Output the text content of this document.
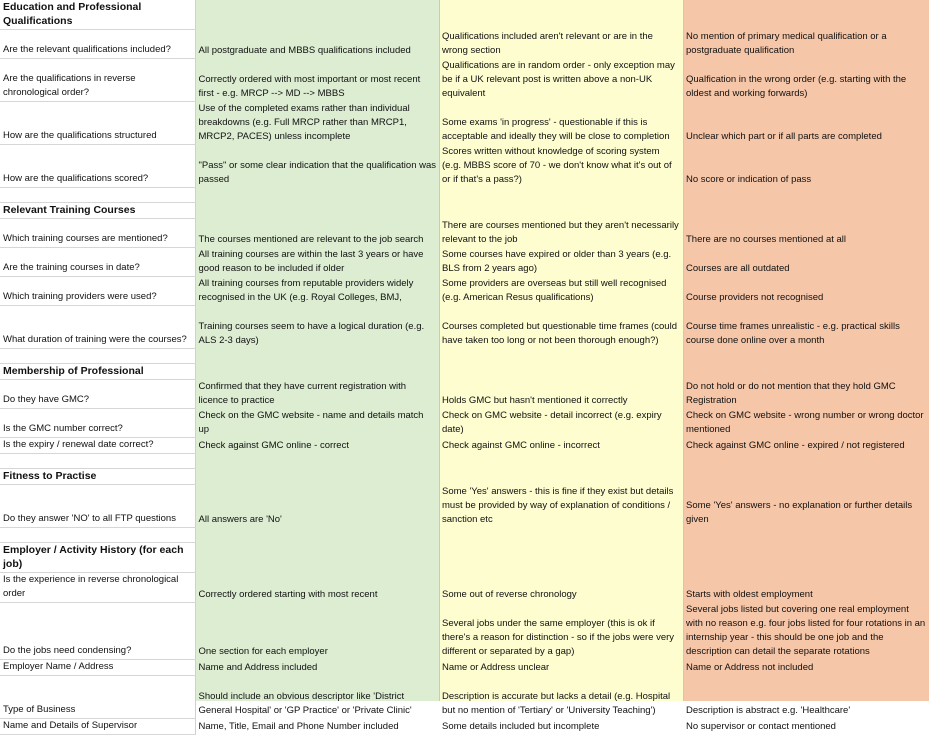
Education and Professional Qualifications			
Are the relevant qualifications included?	All postgraduate and MBBS qualifications included	Qualifications included aren't relevant or are in the wrong section	No mention of primary medical qualification or a postgraduate qualification
Are the qualifications in reverse chronological order?	Correctly ordered with most important or most recent first - e.g. MRCP --> MD --> MBBS	Qualifications are in random order - only exception may be if a UK relevant post is written above a non-UK equivalent	Qualfication in the wrong order (e.g. starting with the oldest and working forwards)
How are the qualifications structured	Use of the completed exams rather than individual breakdowns (e.g. Full MRCP rather than MRCP1, MRCP2, PACES) unless incomplete	Some exams 'in progress' - questionable if this is acceptable and ideally they will be close to completion	Unclear which part or if all parts are completed
How are the qualifications scored?	"Pass" or some clear indication that the qualification was passed	Scores written without knowledge of scoring system (e.g. MBBS score of 70 - we don't know what it's out of or if that's a pass?)	No score or indication of pass

Relevant Training Courses			
Which training courses are mentioned?	The courses mentioned are relevant to the job search	There are courses mentioned but they aren't necessarily relevant to the job	There are no courses mentioned at all
Are the training courses in date?	All training courses are within the last 3 years or have good reason to be included if older	Some courses have expired or older than 3 years (e.g. BLS from 2 years ago)	Courses are all outdated
Which training providers were used?	All training courses from reputable providers widely recognised in the UK (e.g. Royal Colleges, BMJ,	Some providers are overseas but still well recognised (e.g. American Resus qualifications)	Course providers not recognised
What duration of training were the courses?	Training courses seem to have a logical duration (e.g. ALS 2-3 days)	Courses completed but questionable time frames (could have taken too long or not been thorough enough?)	Course time frames unrealistic - e.g. practical skills course done online over a month

Membership of Professional			
Do they have GMC?	Confirmed that they have current registration with licence to practice	Holds GMC but hasn't mentioned it correctly	Do not hold or do not mention that they hold GMC Registration
Is the GMC number correct?	Check on the GMC website - name and details match up	Check on GMC website - detail incorrect (e.g. expiry date)	Check on GMC website - wrong number or wrong doctor mentioned
Is the expiry / renewal date correct?	Check against GMC online - correct	Check against GMC online - incorrect	Check against GMC online - expired / not registered

Fitness to Practise			
Do they answer 'NO' to all FTP questions	All answers are 'No'	Some 'Yes' answers - this is fine if they exist but details must be provided by way of explanation of conditions / sanction etc	Some 'Yes' answers - no explanation or further details given

Employer / Activity History (for each job)			
Is the experience in reverse chronological order	Correctly ordered starting with most recent	Some out of reverse chronology	Starts with oldest employment
Do the jobs need condensing?	One section for each employer	Several jobs under the same employer (this is ok if there's a reason for distinction - so if the jobs were very different or separated by a gap)	Several jobs listed but covering one real employment with no reason e.g. four jobs listed for four rotations in an internship year - this should be one job and the description can detail the separate rotations
Employer Name / Address	Name and Address included	Name or Address unclear	Name or Address not included
Type of Business	Should include an obvious descriptor like 'District General Hospital' or 'GP Practice' or 'Private Clinic'	Description is accurate but lacks a detail (e.g. Hospital but no mention of 'Tertiary' or 'University Teaching')	Description is abstract e.g. 'Healthcare'
Name and Details of Supervisor	Name, Title, Email and Phone Number included	Some details included but incomplete	No supervisor or contact mentioned
